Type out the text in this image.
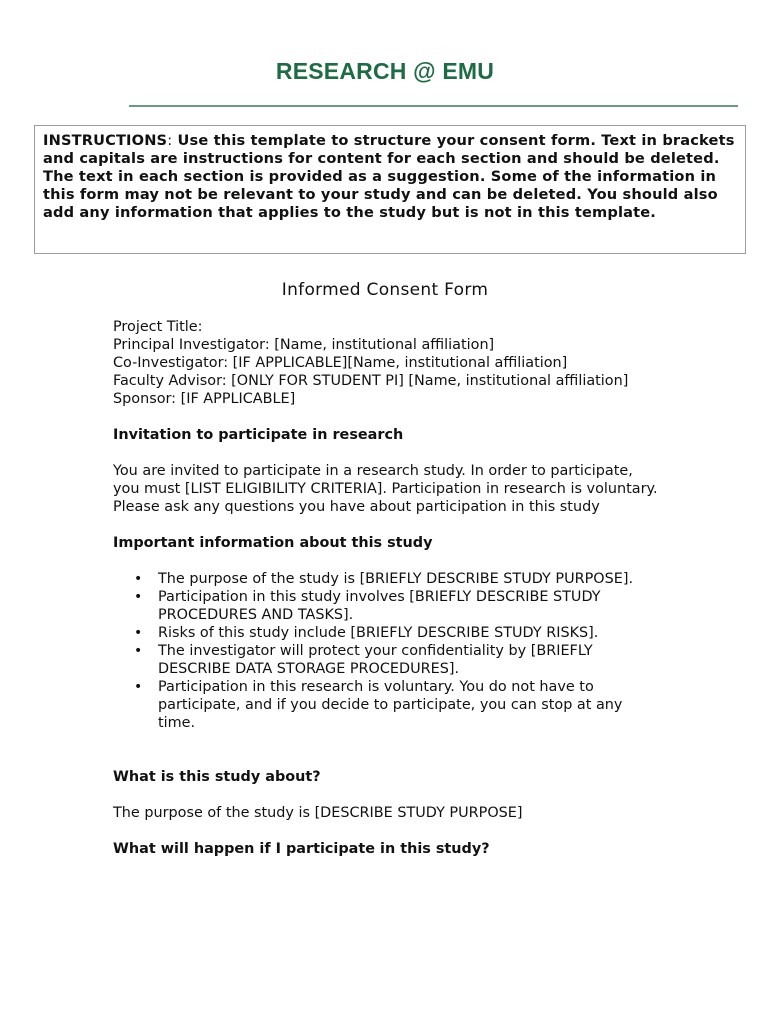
RESEARCH @ EMU
INSTRUCTIONS: Use this template to structure your consent form. Text in brackets and capitals are instructions for content for each section and should be deleted. The text in each section is provided as a suggestion. Some of the information in this form may not be relevant to your study and can be deleted. You should also add any information that applies to the study but is not in this template.
Informed Consent Form

Project Title:

Principal Investigator: [Name, institutional affiliation]

Co-Investigator: [IF APPLICABLE][Name, institutional affiliation]

Faculty Advisor: [ONLY FOR STUDENT PI] [Name, institutional affiliation]

Sponsor: [IF APPLICABLE]

Invitation to participate in research

You are invited to participate in a research study. In order to participate, you must [LIST ELIGIBILITY CRITERIA]. Participation in research is voluntary. Please ask any questions you have about participation in this study

Important information about this study

• The purpose of the study is [BRIEFLY DESCRIBE STUDY PURPOSE].
• Participation in this study involves [BRIEFLY DESCRIBE STUDY PROCEDURES AND TASKS].
• Risks of this study include [BRIEFLY DESCRIBE STUDY RISKS].
• The investigator will protect your confidentiality by [BRIEFLY DESCRIBE DATA STORAGE PROCEDURES].
• Participation in this research is voluntary. You do not have to participate, and if you decide to participate, you can stop at any time.

What is this study about?

The purpose of the study is [DESCRIBE STUDY PURPOSE]

What will happen if I participate in this study?
